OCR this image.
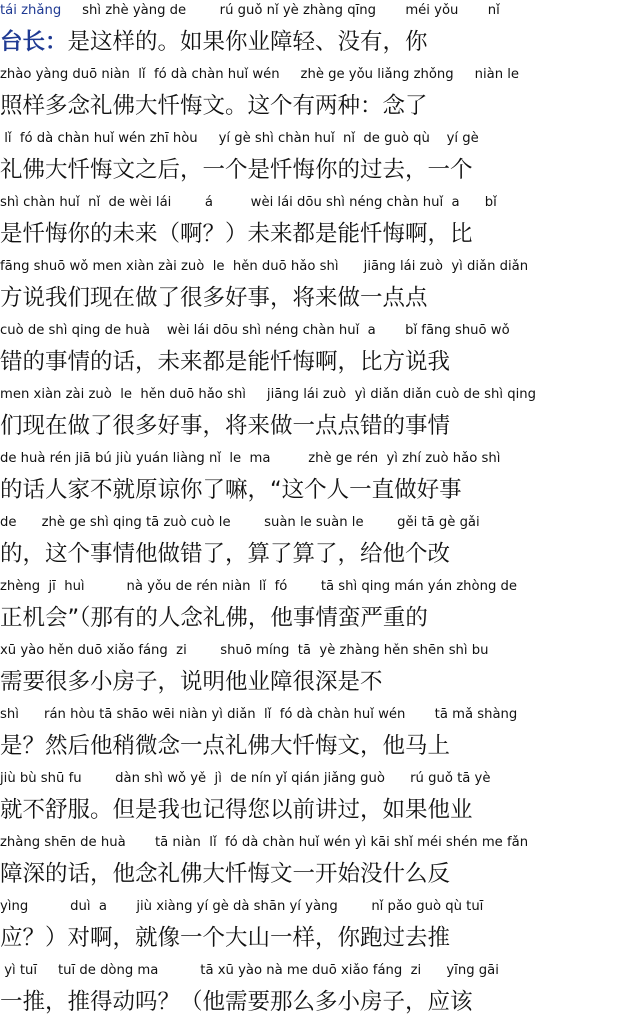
tái zhǎng     shì zhè yàng de        rú guǒ nǐ yè zhàng qīng       méi yǒu       nǐ
台长：是这样的。如果你业障轻、没有，你
zhào yàng duō niàn  lǐ  fó dà chàn huǐ wén     zhè ge yǒu liǎng zhǒng     niàn le
照样多念礼佛大忏悔文。这个有两种：念了
lǐ  fó dà chàn huǐ wén zhī hòu     yí gè shì chàn huǐ  nǐ  de guò qù    yí gè
礼佛大忏悔文之后，一个是忏悔你的过去，一个
shì chàn huǐ  nǐ  de wèi lái        á         wèi lái dōu shì néng chàn huǐ  a      bǐ
是忏悔你的未来（啊？）未来都是能忏悔啊，比
fāng shuō wǒ men xiàn zài zuò  le  hěn duō hǎo shì      jiāng lái zuò  yì diǎn diǎn
方说我们现在做了很多好事，将来做一点点
cuò de shì qing de huà    wèi lái dōu shì néng chàn huǐ  a       bǐ fāng shuō wǒ
错的事情的话，未来都是能忏悔啊，比方说我
men xiàn zài zuò  le  hěn duō hǎo shì     jiāng lái zuò  yì diǎn diǎn cuò de shì qing
们现在做了很多好事，将来做一点点错的事情
de huà rén jiā bú jiù yuán liàng nǐ  le  ma         zhè ge rén  yì zhí zuò hǎo shì
的话人家不就原谅你了嘛，“这个人一直做好事
de      zhè ge shì qing tā zuò cuò le        suàn le suàn le        gěi tā gè gǎi
的，这个事情他做错了，算了算了，给他个改
zhèng  jī  huì          nà yǒu de rén niàn  lǐ  fó        tā shì qing mán yán zhòng de
正机会”（那有的人念礼佛，他事情蛮严重的
xū yào hěn duō xiǎo fáng  zi        shuō míng  tā  yè zhàng hěn shēn shì bu
需要很多小房子，说明他业障很深是不
shì      rán hòu tā shāo wēi niàn yì diǎn  lǐ  fó dà chàn huǐ wén       tā mǎ shàng
是？然后他稍微念一点礼佛大忏悔文，他马上
jiù bù shū fu        dàn shì wǒ yě  jì  de nín yǐ qián jiǎng guò      rú guǒ tā yè
就不舒服。但是我也记得您以前讲过，如果他业
zhàng shēn de huà       tā niàn  lǐ  fó dà chàn huǐ wén yì kāi shǐ méi shén me fǎn
障深的话，他念礼佛大忏悔文一开始没什么反
yìng          duì  a       jiù xiàng yí gè dà shān yí yàng        nǐ pǎo guò qù tuī
应？）对啊，就像一个大山一样，你跑过去推
yì tuī     tuī de dòng ma          tā xū yào nà me duō xiǎo fáng  zi      yīng gāi
一推，推得动吗？（他需要那么多小房子，应该
